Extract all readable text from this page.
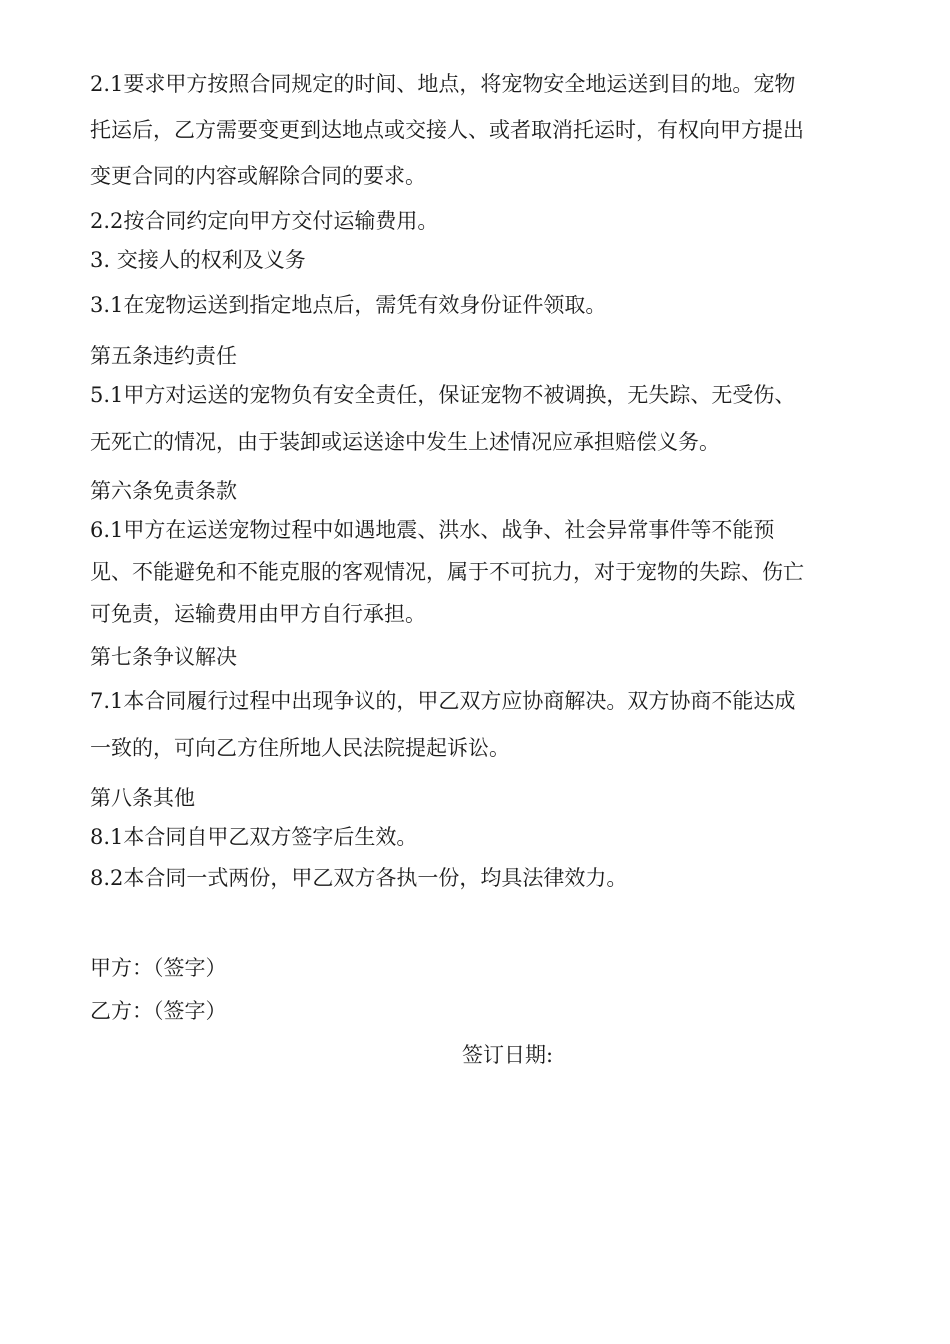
2.1要求甲方按照合同规定的时间、地点，将宠物安全地运送到目的地。宠物
托运后，乙方需要变更到达地点或交接人、或者取消托运时，有权向甲方提出
变更合同的内容或解除合同的要求。
2.2按合同约定向甲方交付运输费用。
3. 交接人的权利及义务
3.1在宠物运送到指定地点后，需凭有效身份证件领取。
第五条违约责任
5.1甲方对运送的宠物负有安全责任，保证宠物不被调换，无失踪、无受伤、
无死亡的情况，由于装卸或运送途中发生上述情况应承担赔偿义务。
第六条免责条款
6.1甲方在运送宠物过程中如遇地震、洪水、战争、社会异常事件等不能预
见、不能避免和不能克服的客观情况，属于不可抗力，对于宠物的失踪、伤亡
可免责，运输费用由甲方自行承担。
第七条争议解决
7.1本合同履行过程中出现争议的，甲乙双方应协商解决。双方协商不能达成
一致的，可向乙方住所地人民法院提起诉讼。
第八条其他
8.1本合同自甲乙双方签字后生效。
8.2本合同一式两份，甲乙双方各执一份，均具法律效力。
甲方：（签字）
乙方：（签字）
签订日期:
